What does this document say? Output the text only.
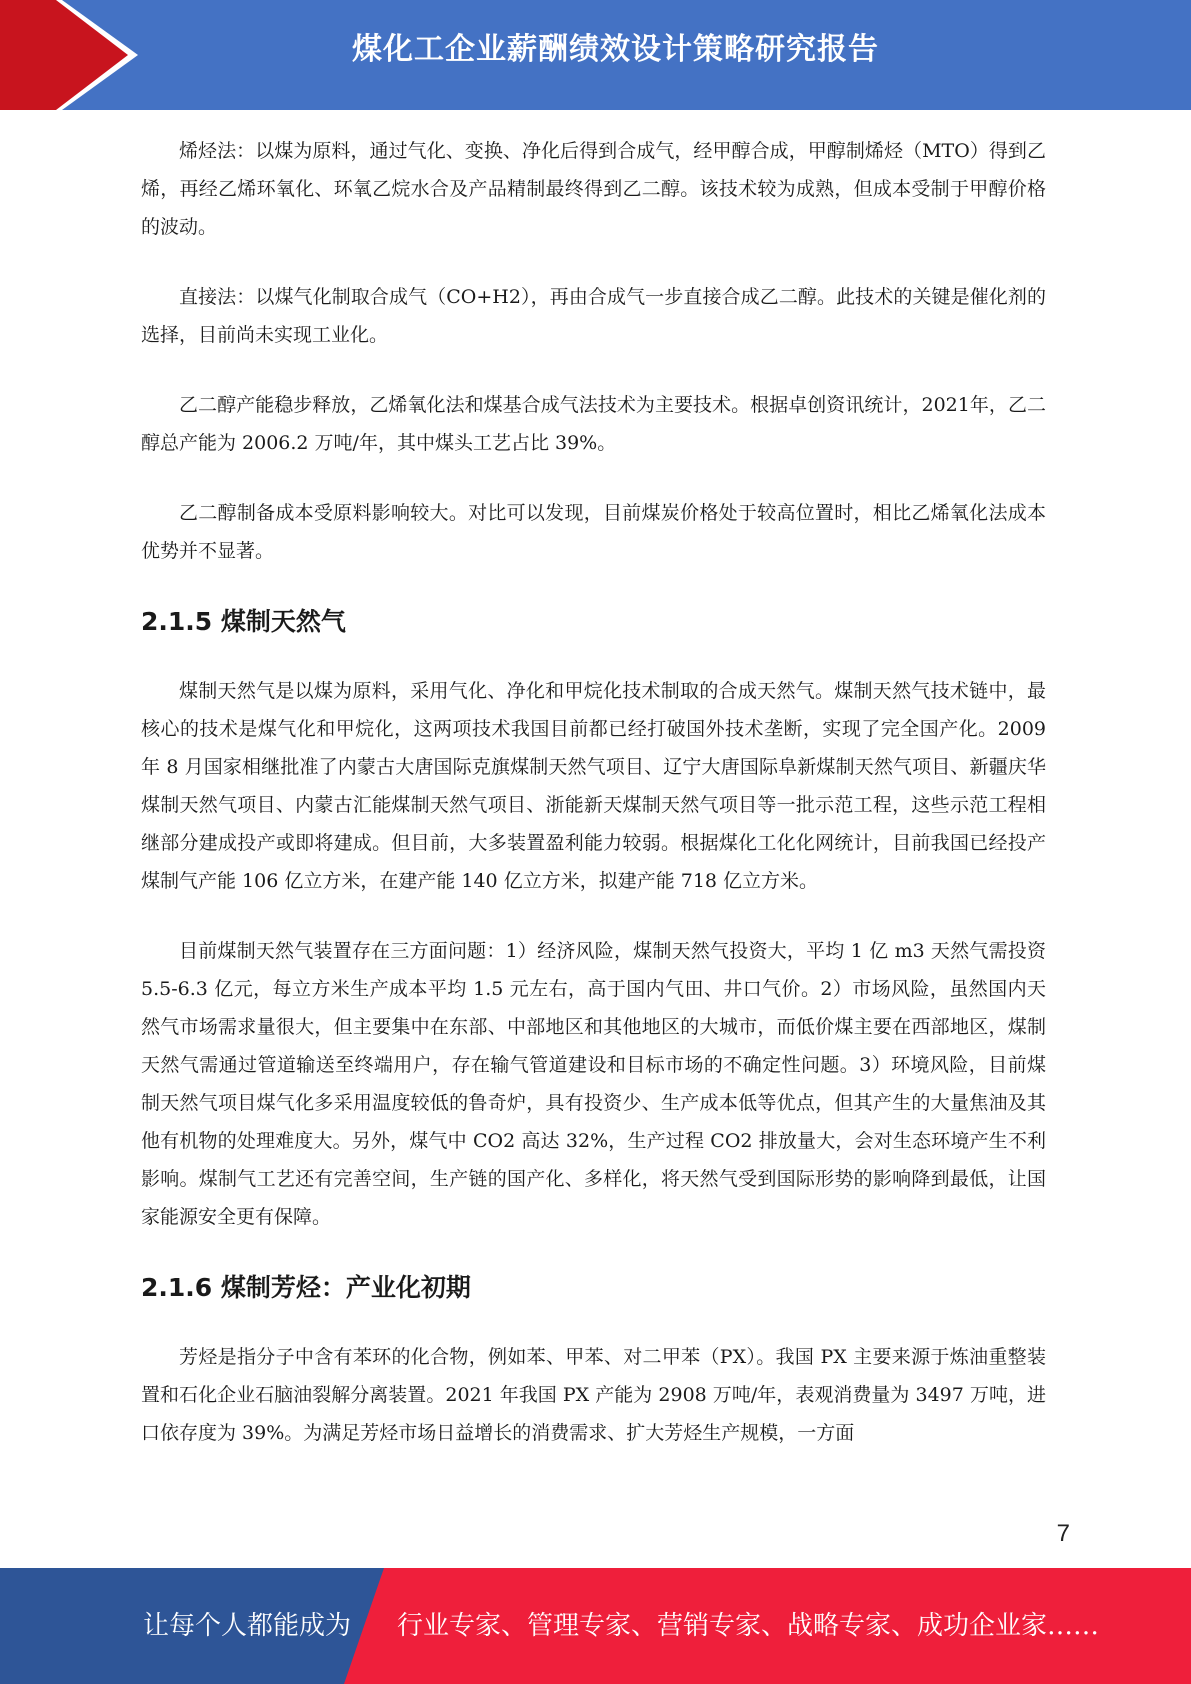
煤化工企业薪酬绩效设计策略研究报告

烯烃法：以煤为原料，通过气化、变换、净化后得到合成气，经甲醇合成，甲醇制烯烃（MTO）得到乙烯，再经乙烯环氧化、环氧乙烷水合及产品精制最终得到乙二醇。该技术较为成熟，但成本受制于甲醇价格的波动。

直接法：以煤气化制取合成气（CO+H2），再由合成气一步直接合成乙二醇。此技术的关键是催化剂的选择，目前尚未实现工业化。

乙二醇产能稳步释放，乙烯氧化法和煤基合成气法技术为主要技术。根据卓创资讯统计，2021年，乙二醇总产能为 2006.2 万吨/年，其中煤头工艺占比 39%。

乙二醇制备成本受原料影响较大。对比可以发现，目前煤炭价格处于较高位置时，相比乙烯氧化法成本优势并不显著。

2.1.5 煤制天然气

煤制天然气是以煤为原料，采用气化、净化和甲烷化技术制取的合成天然气。煤制天然气技术链中，最核心的技术是煤气化和甲烷化，这两项技术我国目前都已经打破国外技术垄断，实现了完全国产化。2009 年 8 月国家相继批准了内蒙古大唐国际克旗煤制天然气项目、辽宁大唐国际阜新煤制天然气项目、新疆庆华煤制天然气项目、内蒙古汇能煤制天然气项目、浙能新天煤制天然气项目等一批示范工程，这些示范工程相继部分建成投产或即将建成。但目前，大多装置盈利能力较弱。根据煤化工化化网统计，目前我国已经投产煤制气产能 106 亿立方米，在建产能 140 亿立方米，拟建产能 718 亿立方米。

目前煤制天然气装置存在三方面问题：1）经济风险，煤制天然气投资大，平均 1 亿 m3 天然气需投资 5.5-6.3 亿元，每立方米生产成本平均 1.5 元左右，高于国内气田、井口气价。2）市场风险，虽然国内天然气市场需求量很大，但主要集中在东部、中部地区和其他地区的大城市，而低价煤主要在西部地区，煤制天然气需通过管道输送至终端用户，存在输气管道建设和目标市场的不确定性问题。3）环境风险，目前煤制天然气项目煤气化多采用温度较低的鲁奇炉，具有投资少、生产成本低等优点，但其产生的大量焦油及其他有机物的处理难度大。另外，煤气中 CO2 高达 32%，生产过程 CO2 排放量大，会对生态环境产生不利影响。煤制气工艺还有完善空间，生产链的国产化、多样化，将天然气受到国际形势的影响降到最低，让国家能源安全更有保障。

2.1.6 煤制芳烃：产业化初期

芳烃是指分子中含有苯环的化合物，例如苯、甲苯、对二甲苯（PX）。我国 PX 主要来源于炼油重整装置和石化企业石脑油裂解分离装置。2021 年我国 PX 产能为 2908 万吨/年，表观消费量为 3497 万吨，进口依存度为 39%。为满足芳烃市场日益增长的消费需求、扩大芳烃生产规模，一方面

7
让每个人都能成为 行业专家、管理专家、营销专家、战略专家、成功企业家……
